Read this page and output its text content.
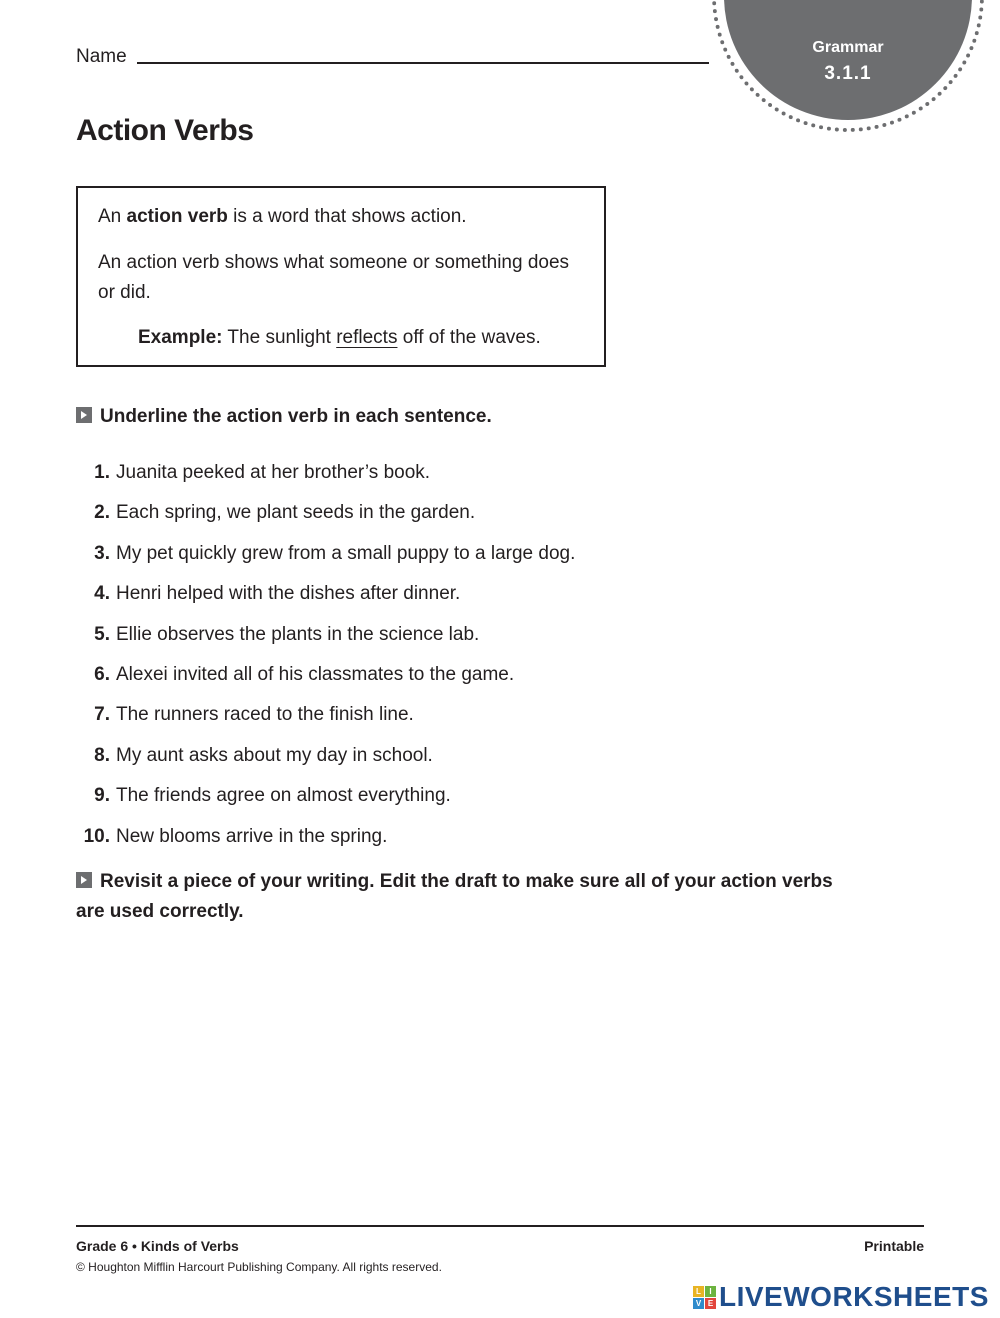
Name	Grammar
3.1.1
Action Verbs
An action verb is a word that shows action.
An action verb shows what someone or something does or did.
Example: The sunlight reflects off of the waves.
Underline the action verb in each sentence.
1. Juanita peeked at her brother’s book.
2. Each spring, we plant seeds in the garden.
3. My pet quickly grew from a small puppy to a large dog.
4. Henri helped with the dishes after dinner.
5. Ellie observes the plants in the science lab.
6. Alexei invited all of his classmates to the game.
7. The runners raced to the finish line.
8. My aunt asks about my day in school.
9. The friends agree on almost everything.
10. New blooms arrive in the spring.
Revisit a piece of your writing. Edit the draft to make sure all of your action verbs are used correctly.
Grade 6 • Kinds of Verbs	Printable
© Houghton Mifflin Harcourt Publishing Company. All rights reserved.
L	I
V E LIVEWORKSHEETS
